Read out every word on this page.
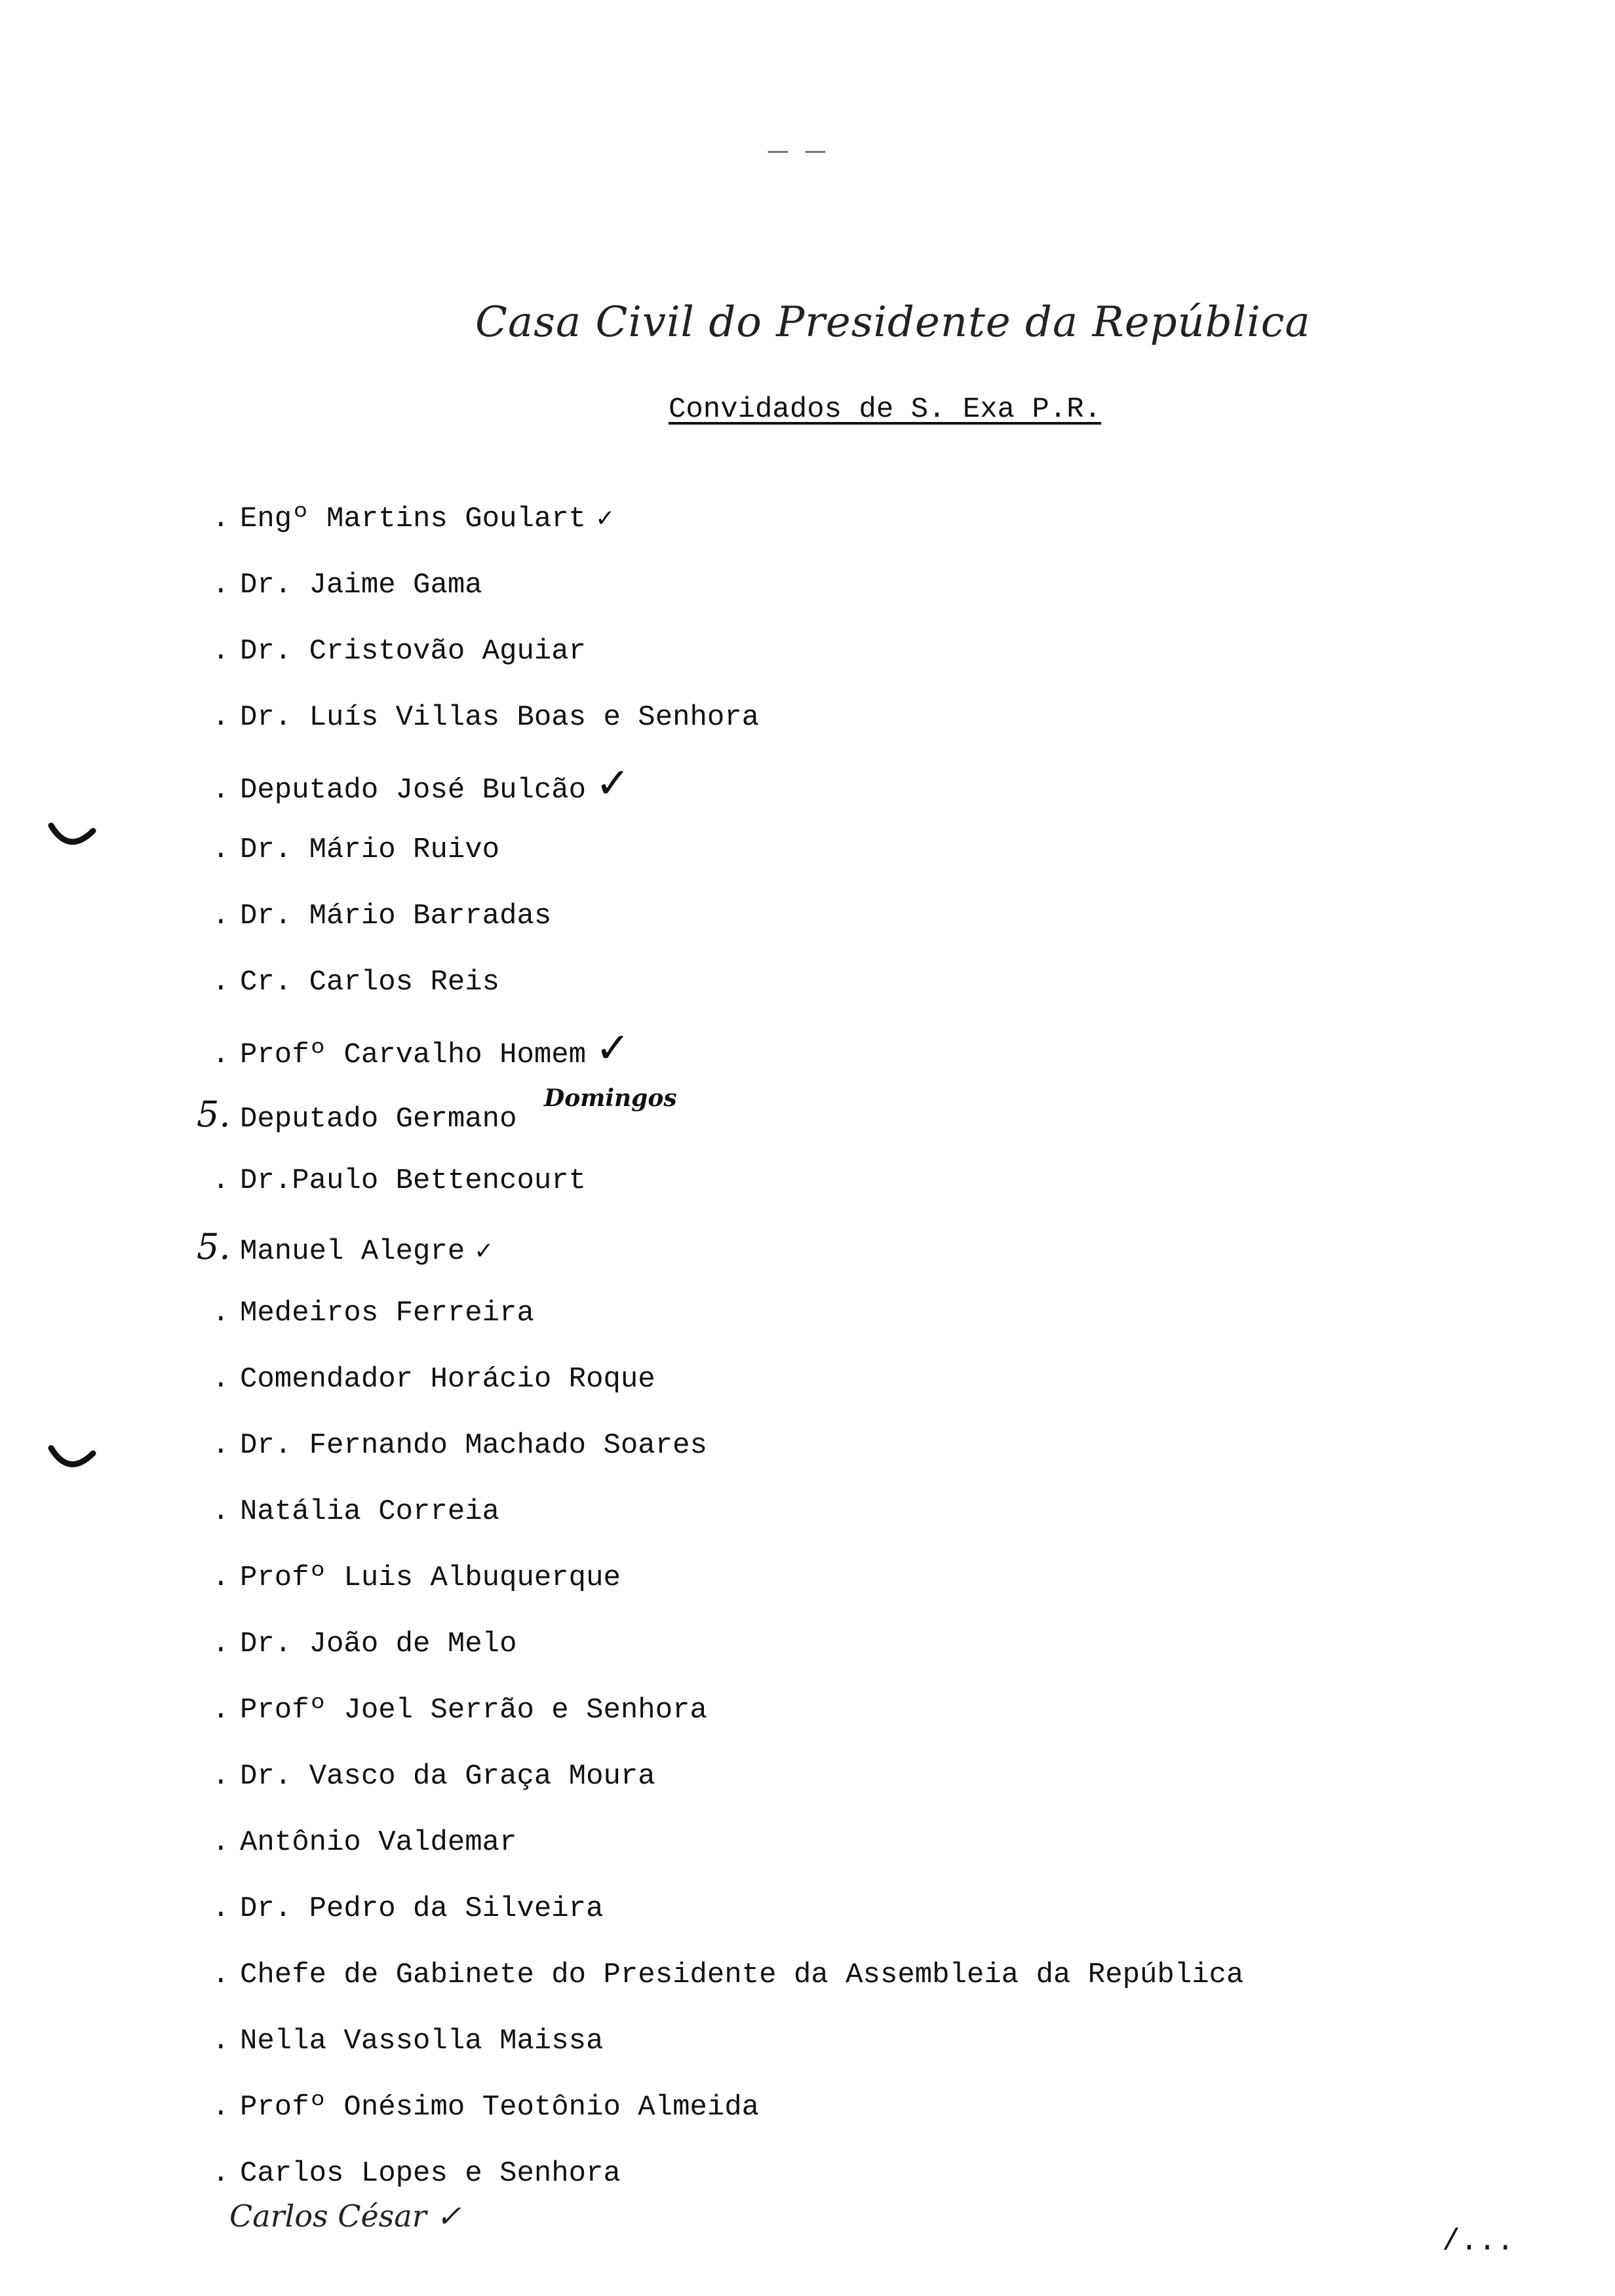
— —
Casa Civil do Presidente da República
Convidados de S. Exa P.R.
. Engº Martins Goulart ✓
. Dr. Jaime Gama
. Dr. Cristovão Aguiar
. Dr. Luís Villas Boas e Senhora
. Deputado José Bulcão ✓
. Dr. Mário Ruivo
. Dr. Mário Barradas
. Cr. Carlos Reis
. Profº Carvalho Homem ✓
5. Deputado Germano
. Dr.Paulo Bettencourt
5. Manuel Alegre ✓
. Medeiros Ferreira
. Comendador Horácio Roque
. Dr. Fernando Machado Soares
. Natália Correia
. Profº Luis Albuquerque
. Dr. João de Melo
. Profº Joel Serrão e Senhora
. Dr. Vasco da Graça Moura
. Antônio Valdemar
. Dr. Pedro da Silveira
. Chefe de Gabinete do Presidente da Assembleia da República
. Nella Vassolla Maissa
. Profº Onésimo Teotônio Almeida
. Carlos Lopes e Senhora
Domingos
Carlos César ✓
/...
